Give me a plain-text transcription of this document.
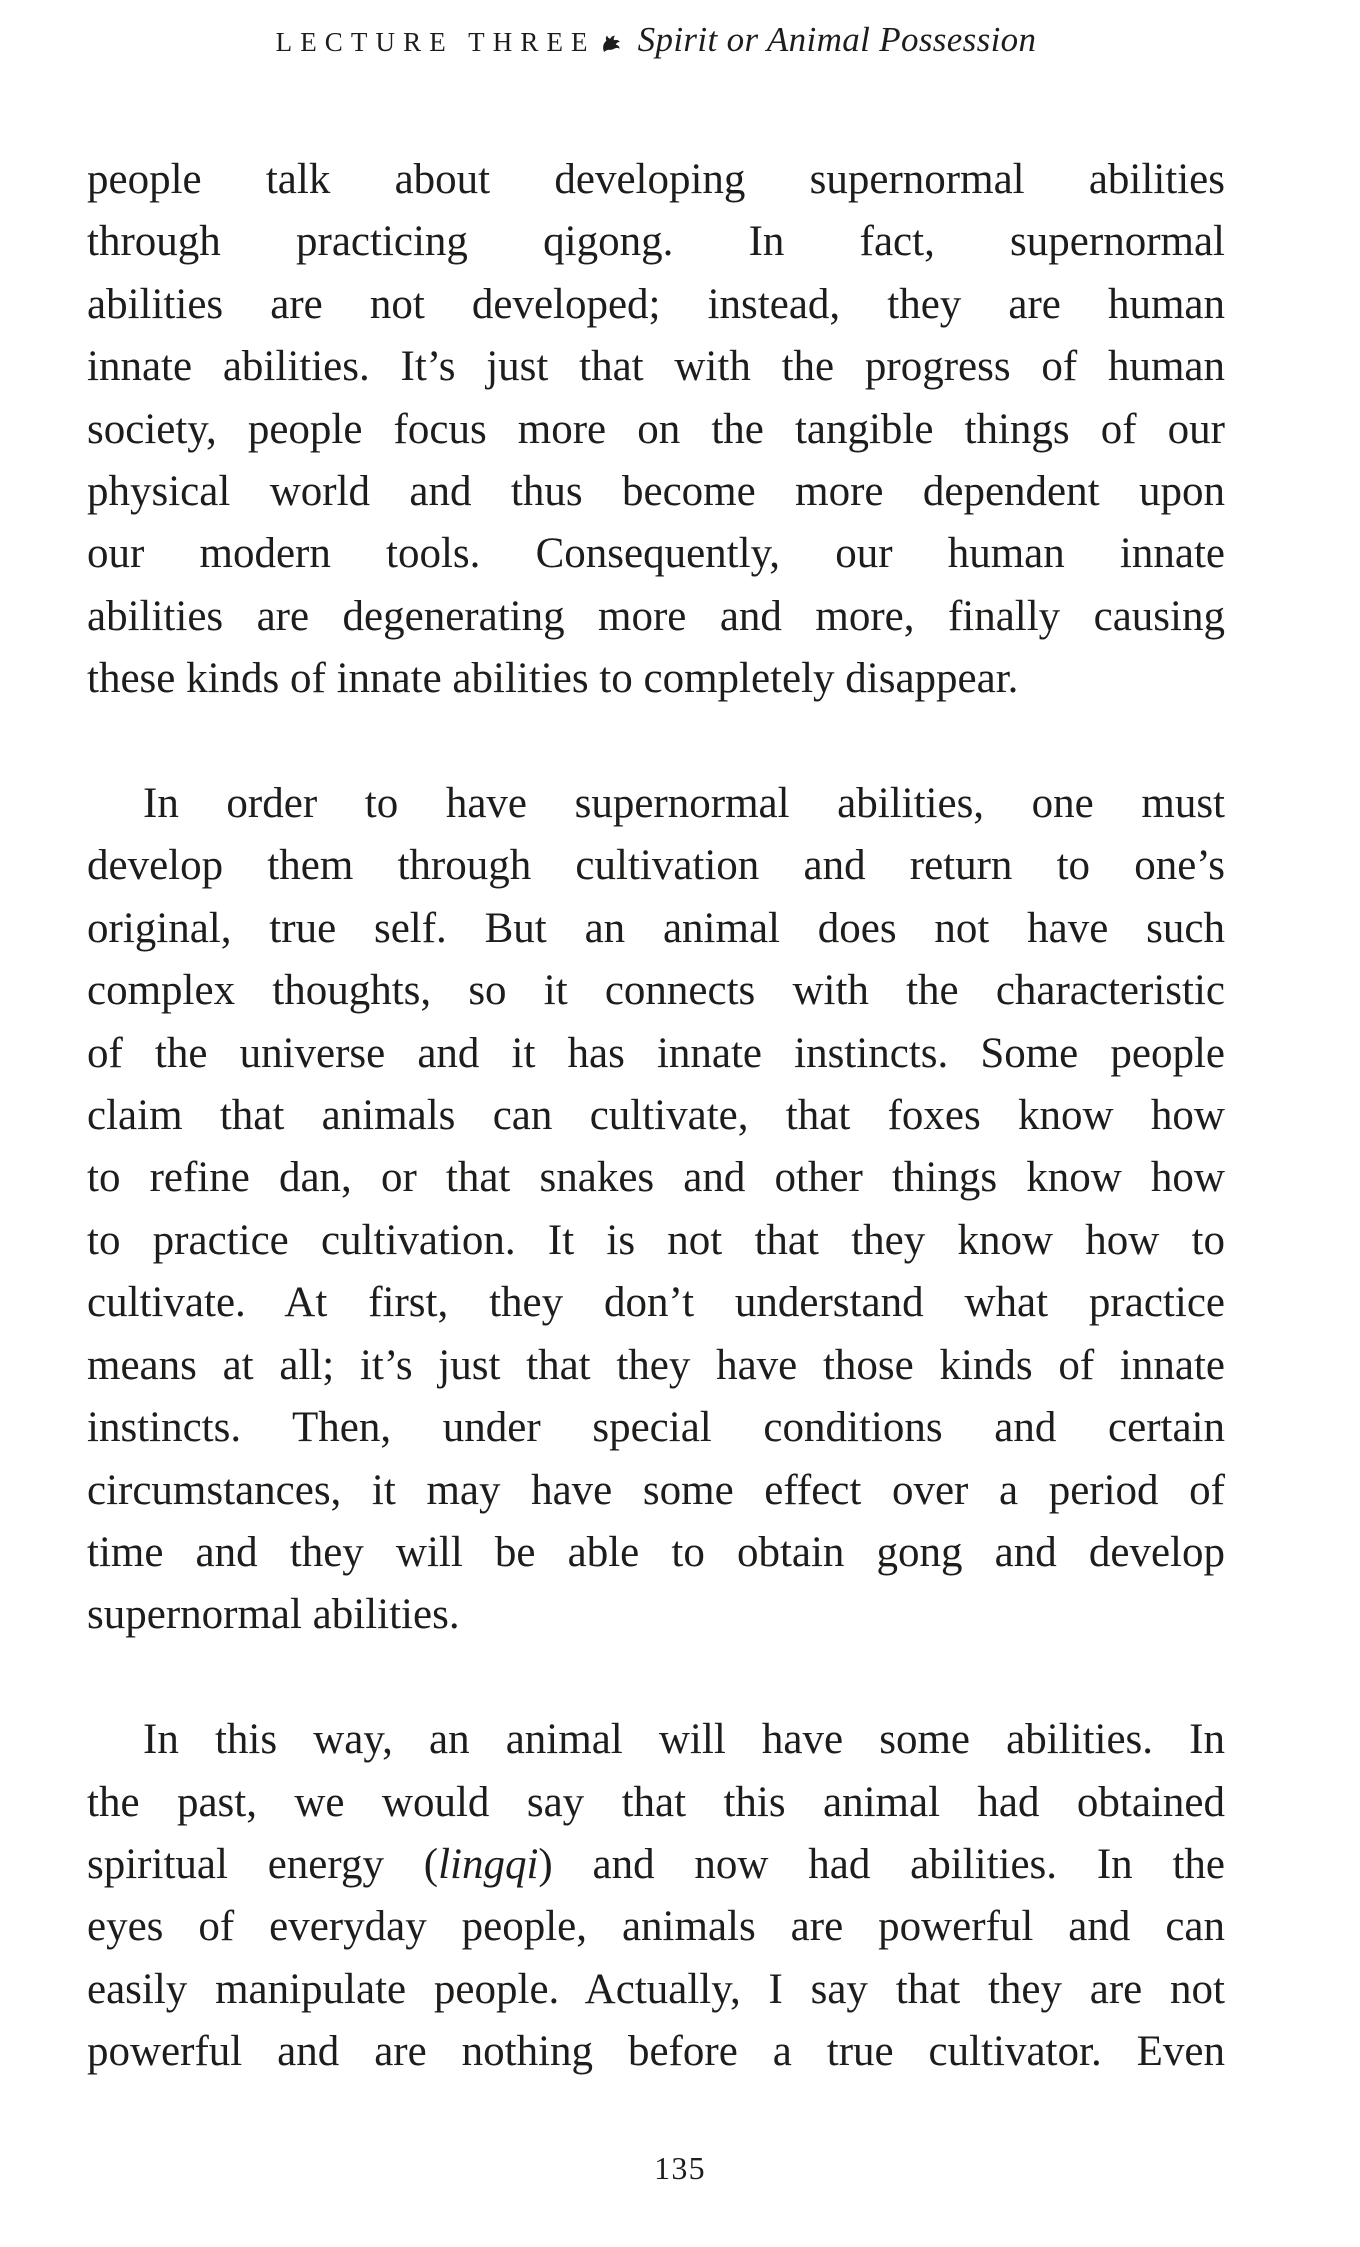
LECTURE THREE Spirit or Animal Possession
people talk about developing supernormal abilities
through practicing qigong. In fact, supernormal
abilities are not developed; instead, they are human
innate abilities. It’s just that with the progress of human
society, people focus more on the tangible things of our
physical world and thus become more dependent upon
our modern tools. Consequently, our human innate
abilities are degenerating more and more, finally causing
these kinds of innate abilities to completely disappear.
In order to have supernormal abilities, one must
develop them through cultivation and return to one’s
original, true self. But an animal does not have such
complex thoughts, so it connects with the characteristic
of the universe and it has innate instincts. Some people
claim that animals can cultivate, that foxes know how
to refine dan, or that snakes and other things know how
to practice cultivation. It is not that they know how to
cultivate. At first, they don’t understand what practice
means at all; it’s just that they have those kinds of innate
instincts. Then, under special conditions and certain
circumstances, it may have some effect over a period of
time and they will be able to obtain gong and develop
supernormal abilities.
In this way, an animal will have some abilities. In
the past, we would say that this animal had obtained
spiritual energy (lingqi) and now had abilities. In the
eyes of everyday people, animals are powerful and can
easily manipulate people. Actually, I say that they are not
powerful and are nothing before a true cultivator. Even
135
